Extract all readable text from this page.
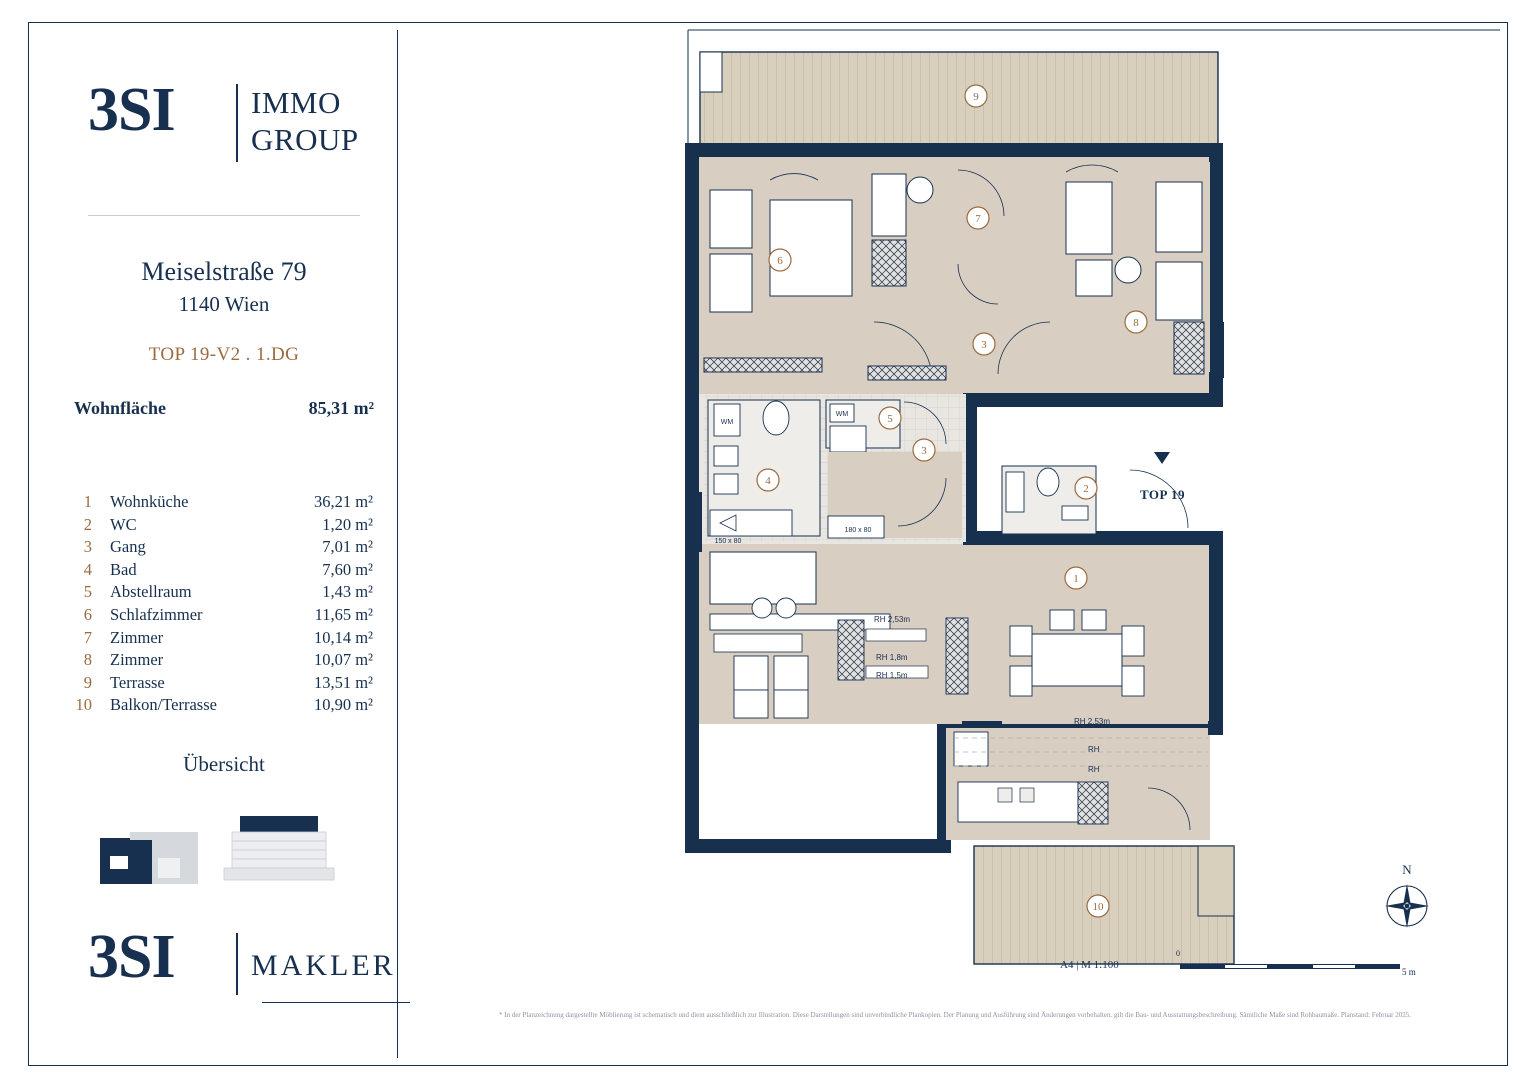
3SI	IMMO
GROUP
Meiselstraße 79
1140 Wien
TOP 19-V2 . 1.DG
Wohnfläche	85,31 m²
1 Wohnküche	36,21 m²
2 WC	1,20 m²
3 Gang	7,01 m²
4 Bad	7,60 m²
5 Abstellraum	1,43 m²
6 Schlafzimmer	11,65 m²
7 Zimmer	10,14 m²
8 Zimmer	10,07 m²
9 Terrasse	13,51 m²
10 Balkon/Terrasse	10,90 m²
Übersicht
3SI	MAKLER
9
6
7
8
3
WM
150 x 80
4
WM	5
3
180 x 80
RH 2,53m
RH 1,8m
RH 1,5m
1
2
RH 2,53m
RH
RH
10
TOP 19
N
A4 | M 1:100
0
5 m
* In der Planzeichnung dargestellte Möblierung ist schematisch und dient ausschließlich zur Illustration. Diese Darstellungen sind unverbindliche Plankopien. Der Planung und Ausführung sind Änderungen vorbehalten. gilt die Bau- und Ausstattungsbeschreibung. Sämtliche Maße sind Rohbaumaße. Planstand: Februar 2025.
